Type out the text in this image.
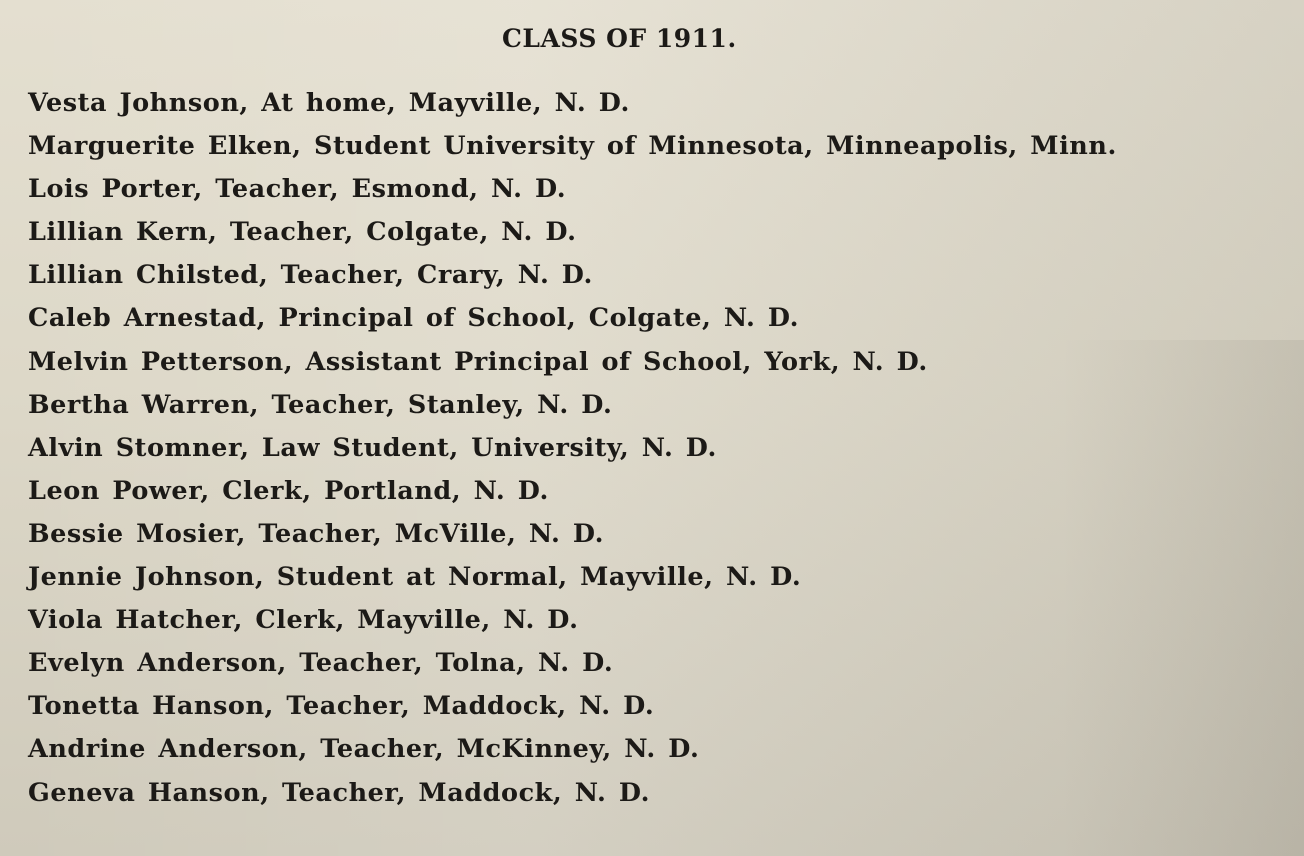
CLASS OF 1911.
Vesta Johnson, At home, Mayville, N. D.
Marguerite Elken, Student University of Minnesota, Minneapolis, Minn.
Lois Porter, Teacher, Esmond, N. D.
Lillian Kern, Teacher, Colgate, N. D.
Lillian Chilsted, Teacher, Crary, N. D.
Caleb Arnestad, Principal of School, Colgate, N. D.
Melvin Petterson, Assistant Principal of School, York, N. D.
Bertha Warren, Teacher, Stanley, N. D.
Alvin Stomner, Law Student, University, N. D.
Leon Power, Clerk, Portland, N. D.
Bessie Mosier, Teacher, McVille, N. D.
Jennie Johnson, Student at Normal, Mayville, N. D.
Viola Hatcher, Clerk, Mayville, N. D.
Evelyn Anderson, Teacher, Tolna, N. D.
Tonetta Hanson, Teacher, Maddock, N. D.
Andrine Anderson, Teacher, McKinney, N. D.
Geneva Hanson, Teacher, Maddock, N. D.
